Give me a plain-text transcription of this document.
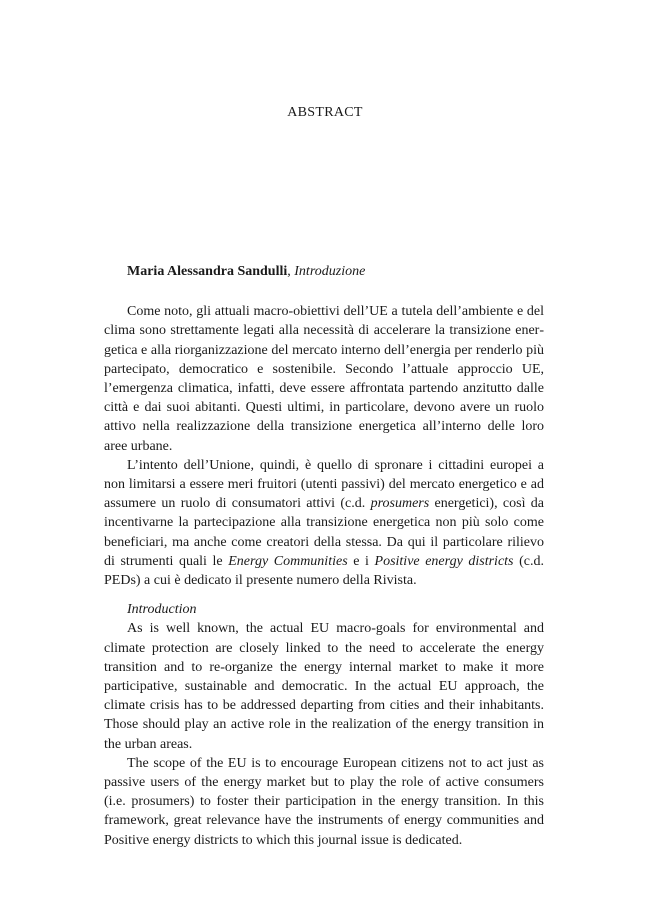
ABSTRACT
Maria Alessandra Sandulli, Introduzione

Come noto, gli attuali macro-obiettivi dell’UE a tutela dell’ambiente e del clima sono strettamente legati alla necessità di accelerare la transizione energetica e alla riorganizzazione del mercato interno dell’energia per renderlo più partecipato, democratico e sostenibile. Secondo l’attuale approccio UE, l’emergenza climatica, infatti, deve essere affrontata partendo anzitutto dalle città e dai suoi abitanti. Questi ultimi, in particolare, devono avere un ruolo attivo nella realizzazione della transizione energetica all’interno delle loro aree urbane.

L’intento dell’Unione, quindi, è quello di spronare i cittadini europei a non limitarsi a essere meri fruitori (utenti passivi) del mercato energetico e ad assumere un ruolo di consumatori attivi (c.d. prosumers energetici), così da incentivarne la partecipazione alla transizione energetica non più solo come beneficiari, ma anche come creatori della stessa. Da qui il particolare rilievo di strumenti quali le Energy Communities e i Positive energy districts (c.d. PEDs) a cui è dedicato il presente numero della Rivista.

Introduction

As is well known, the actual EU macro-goals for environmental and climate protection are closely linked to the need to accelerate the energy transition and to re-organize the energy internal market to make it more participative, sustainable and democratic. In the actual EU approach, the climate crisis has to be addressed departing from cities and their inhabitants. Those should play an active role in the realization of the energy transition in the urban areas.

The scope of the EU is to encourage European citizens not to act just as passive users of the energy market but to play the role of active consumers (i.e. prosumers) to foster their participation in the energy transition. In this framework, great relevance have the instruments of energy communities and Positive energy districts to which this journal issue is dedicated.
